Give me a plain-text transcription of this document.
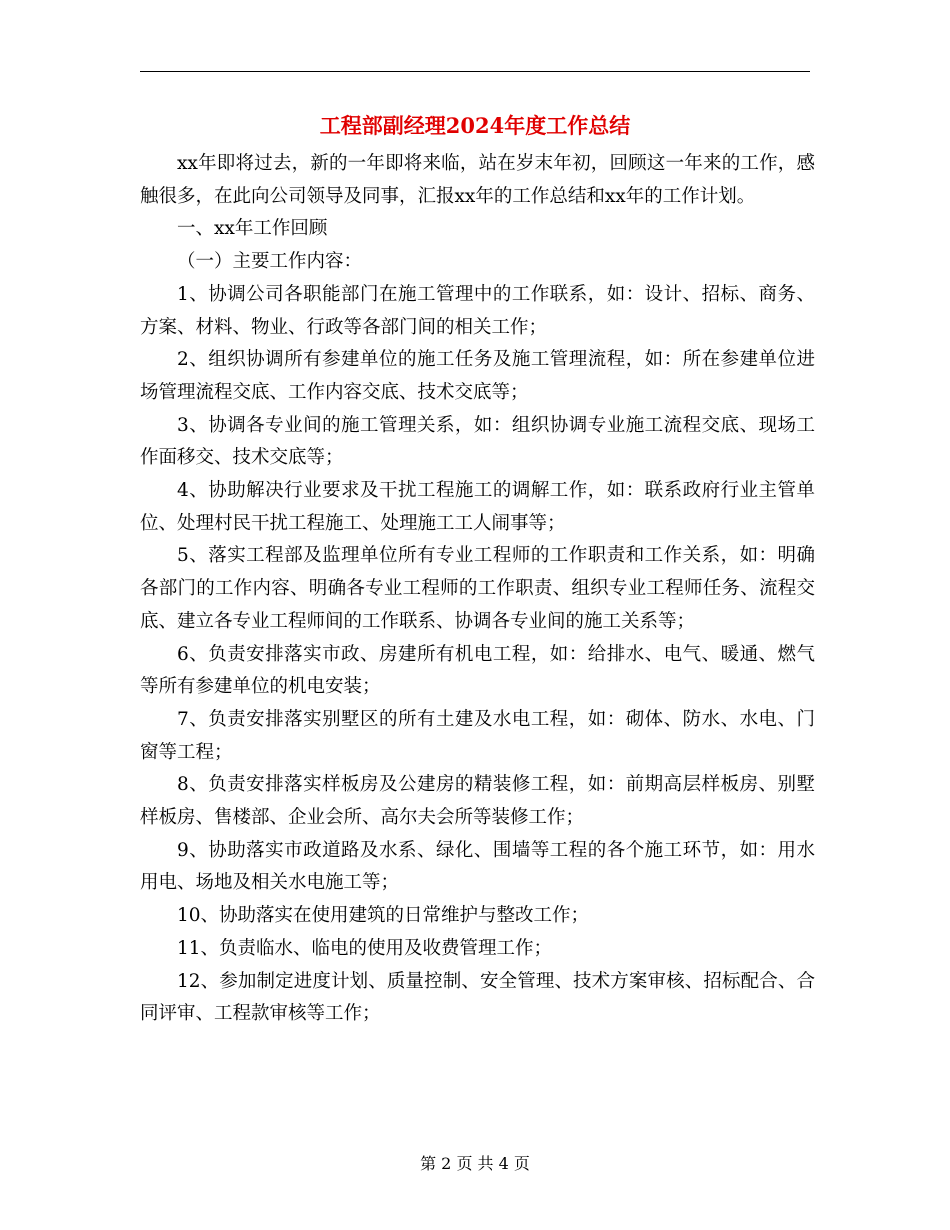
工程部副经理2024年度工作总结

xx年即将过去，新的一年即将来临，站在岁末年初，回顾这一年来的工作，感触很多，在此向公司领导及同事，汇报xx年的工作总结和xx年的工作计划。

一、xx年工作回顾

（一）主要工作内容：

1、协调公司各职能部门在施工管理中的工作联系，如：设计、招标、商务、方案、材料、物业、行政等各部门间的相关工作；

2、组织协调所有参建单位的施工任务及施工管理流程，如：所在参建单位进场管理流程交底、工作内容交底、技术交底等；

3、协调各专业间的施工管理关系，如：组织协调专业施工流程交底、现场工作面移交、技术交底等；

4、协助解决行业要求及干扰工程施工的调解工作，如：联系政府行业主管单位、处理村民干扰工程施工、处理施工工人闹事等；

5、落实工程部及监理单位所有专业工程师的工作职责和工作关系，如：明确各部门的工作内容、明确各专业工程师的工作职责、组织专业工程师任务、流程交底、建立各专业工程师间的工作联系、协调各专业间的施工关系等；

6、负责安排落实市政、房建所有机电工程，如：给排水、电气、暖通、燃气等所有参建单位的机电安装；

7、负责安排落实别墅区的所有土建及水电工程，如：砌体、防水、水电、门窗等工程；

8、负责安排落实样板房及公建房的精装修工程，如：前期高层样板房、别墅样板房、售楼部、企业会所、高尔夫会所等装修工作；

9、协助落实市政道路及水系、绿化、围墙等工程的各个施工环节，如：用水用电、场地及相关水电施工等；

10、协助落实在使用建筑的日常维护与整改工作；

11、负责临水、临电的使用及收费管理工作；

12、参加制定进度计划、质量控制、安全管理、技术方案审核、招标配合、合同评审、工程款审核等工作；

第 2 页 共 4 页
